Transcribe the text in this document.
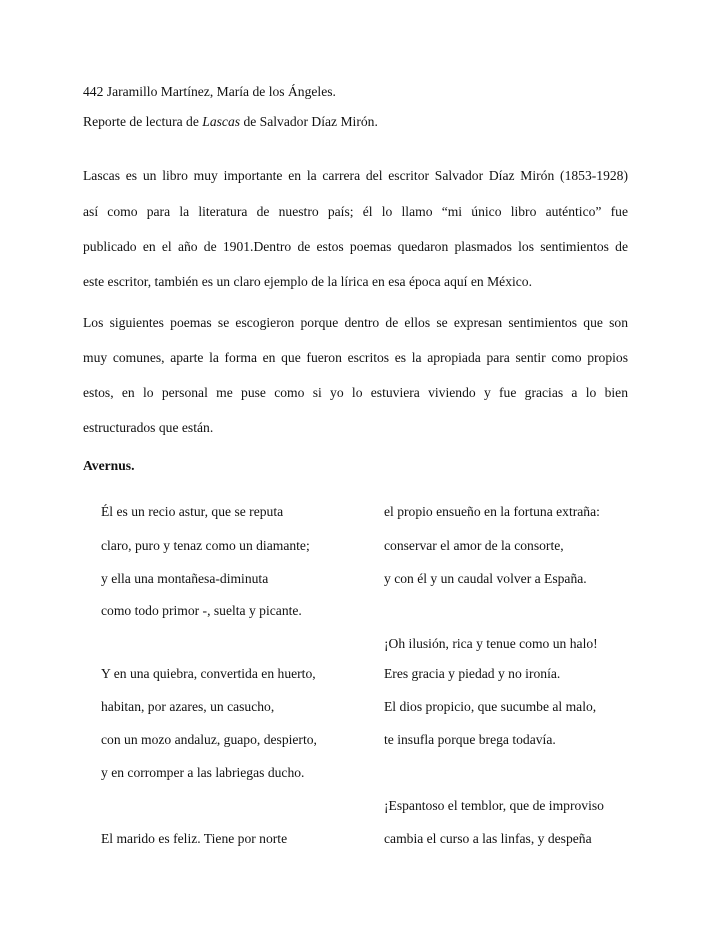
442 Jaramillo Martínez, María de los Ángeles.
Reporte de lectura de Lascas de Salvador Díaz Mirón.
Lascas es un libro muy importante en la carrera del escritor Salvador Díaz Mirón (1853-1928)
así como para la literatura de nuestro país; él lo llamo “mi único libro auténtico” fue
publicado en el año de 1901.Dentro de estos poemas quedaron plasmados los sentimientos de
este escritor, también es un claro ejemplo de la lírica en esa época aquí en México.
Los siguientes poemas se escogieron porque dentro de ellos se expresan sentimientos que son
muy comunes, aparte la forma en que fueron escritos es la apropiada para sentir como propios
estos, en lo personal me puse como si yo lo estuviera viviendo y fue gracias a lo bien
estructurados que están.
Avernus.
Él es un recio astur, que se reputa
claro, puro y tenaz como un diamante;
y ella una montañesa-diminuta
como todo primor -, suelta y picante.
Y en una quiebra, convertida en huerto,
habitan, por azares, un casucho,
con un mozo andaluz, guapo, despierto,
y en corromper a las labriegas ducho.
El marido es feliz. Tiene por norte
el propio ensueño en la fortuna extraña:
conservar el amor de la consorte,
y con él y un caudal volver a España.
¡Oh ilusión, rica y tenue como un halo!
Eres gracia y piedad y no ironía.
El dios propicio, que sucumbe al malo,
te insufla porque brega todavía.
¡Espantoso el temblor, que de improviso
cambia el curso a las linfas, y despeña
